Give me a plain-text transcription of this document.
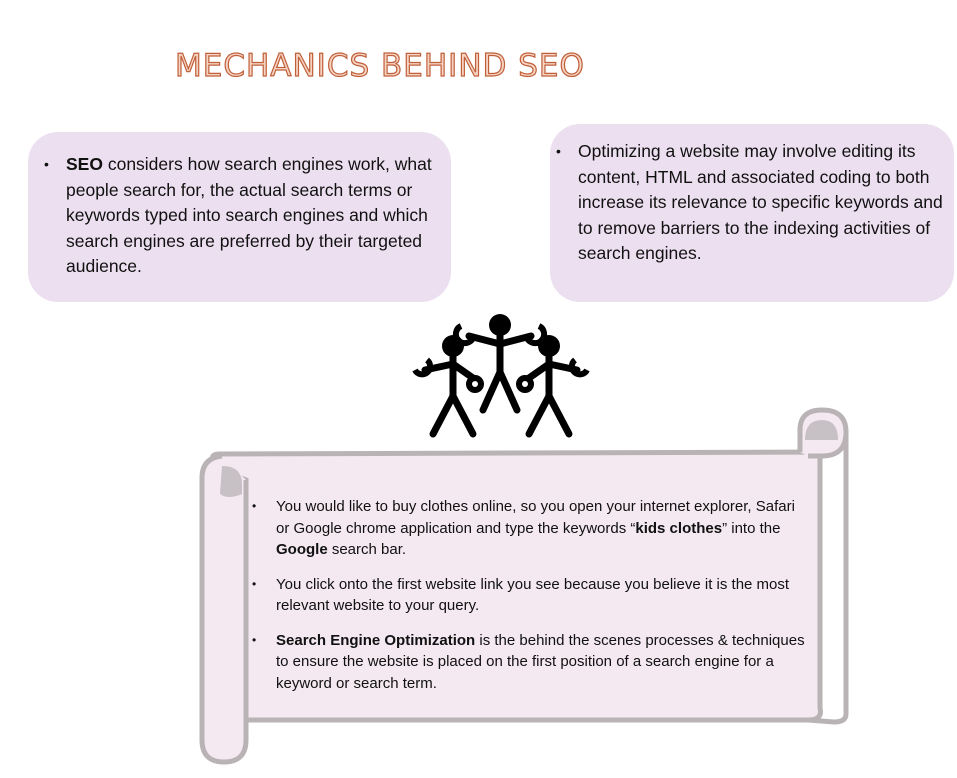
MECHANICS BEHIND SEO
• SEO considers how search engines work, what people search for, the actual search terms or keywords typed into search engines and which search engines are preferred by their targeted audience.

• Optimizing a website may involve editing its content, HTML and associated coding to both increase its relevance to specific keywords and to remove barriers to the indexing activities of search engines.

•	You would like to buy clothes online, so you open your internet explorer, Safari or Google chrome application and type the keywords “kids clothes” into the Google search bar.

•	You click onto the first website link you see because you believe it is the most relevant website to your query.

•	Search Engine Optimization is the behind the scenes processes & techniques to ensure the website is placed on the first position of a search engine for a keyword or search term.
